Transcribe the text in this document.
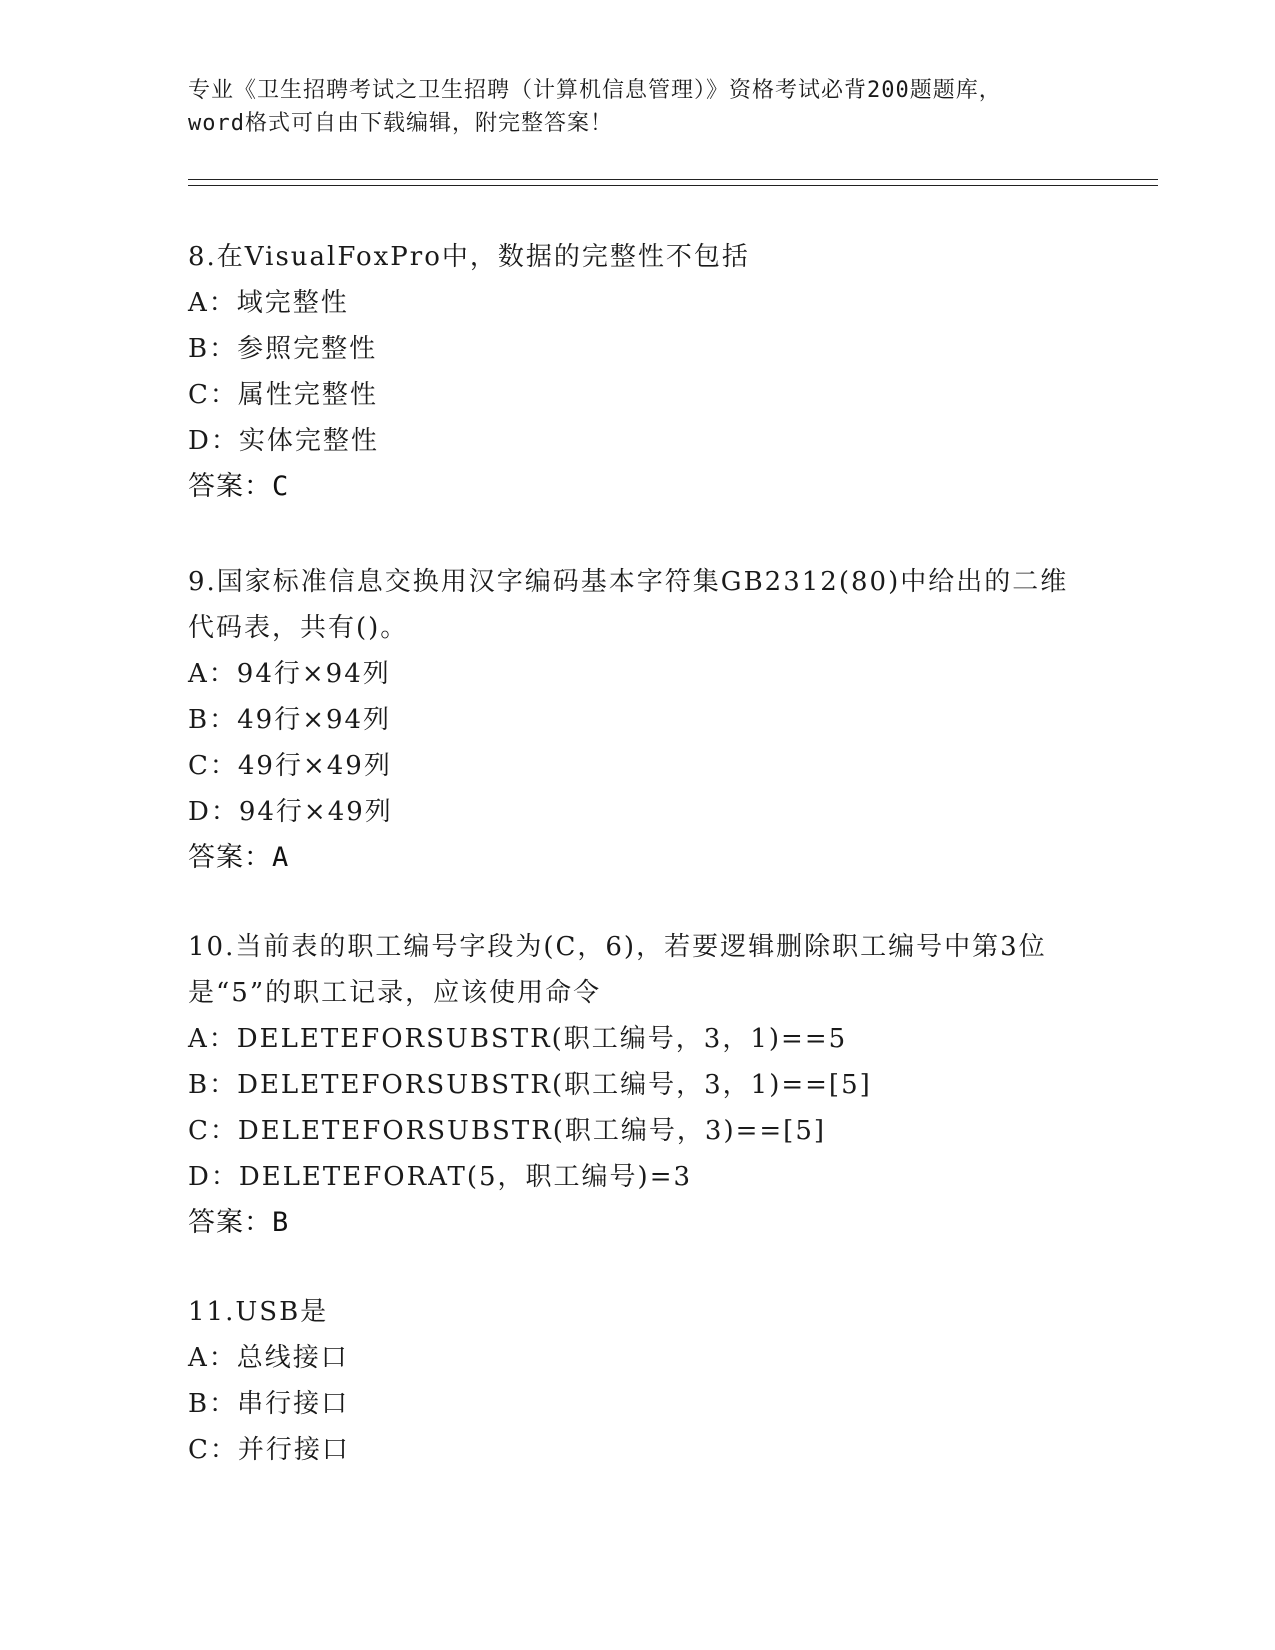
专业《卫生招聘考试之卫生招聘（计算机信息管理）》资格考试必背200题题库，
word格式可自由下载编辑，附完整答案！
8.在VisualFoxPro中，数据的完整性不包括
A：域完整性
B：参照完整性
C：属性完整性
D：实体完整性
答案：C
9.国家标准信息交换用汉字编码基本字符集GB2312(80)中给出的二维
代码表，共有()。
A：94行×94列
B：49行×94列
C：49行×49列
D：94行×49列
答案：A
10.当前表的职工编号字段为(C，6)，若要逻辑删除职工编号中第3位
是“5”的职工记录，应该使用命令
A：DELETEFORSUBSTR(职工编号，3，1)==5
B：DELETEFORSUBSTR(职工编号，3，1)==[5]
C：DELETEFORSUBSTR(职工编号，3)==[5]
D：DELETEFORAT(5，职工编号)=3
答案：B
11.USB是
A：总线接口
B：串行接口
C：并行接口
